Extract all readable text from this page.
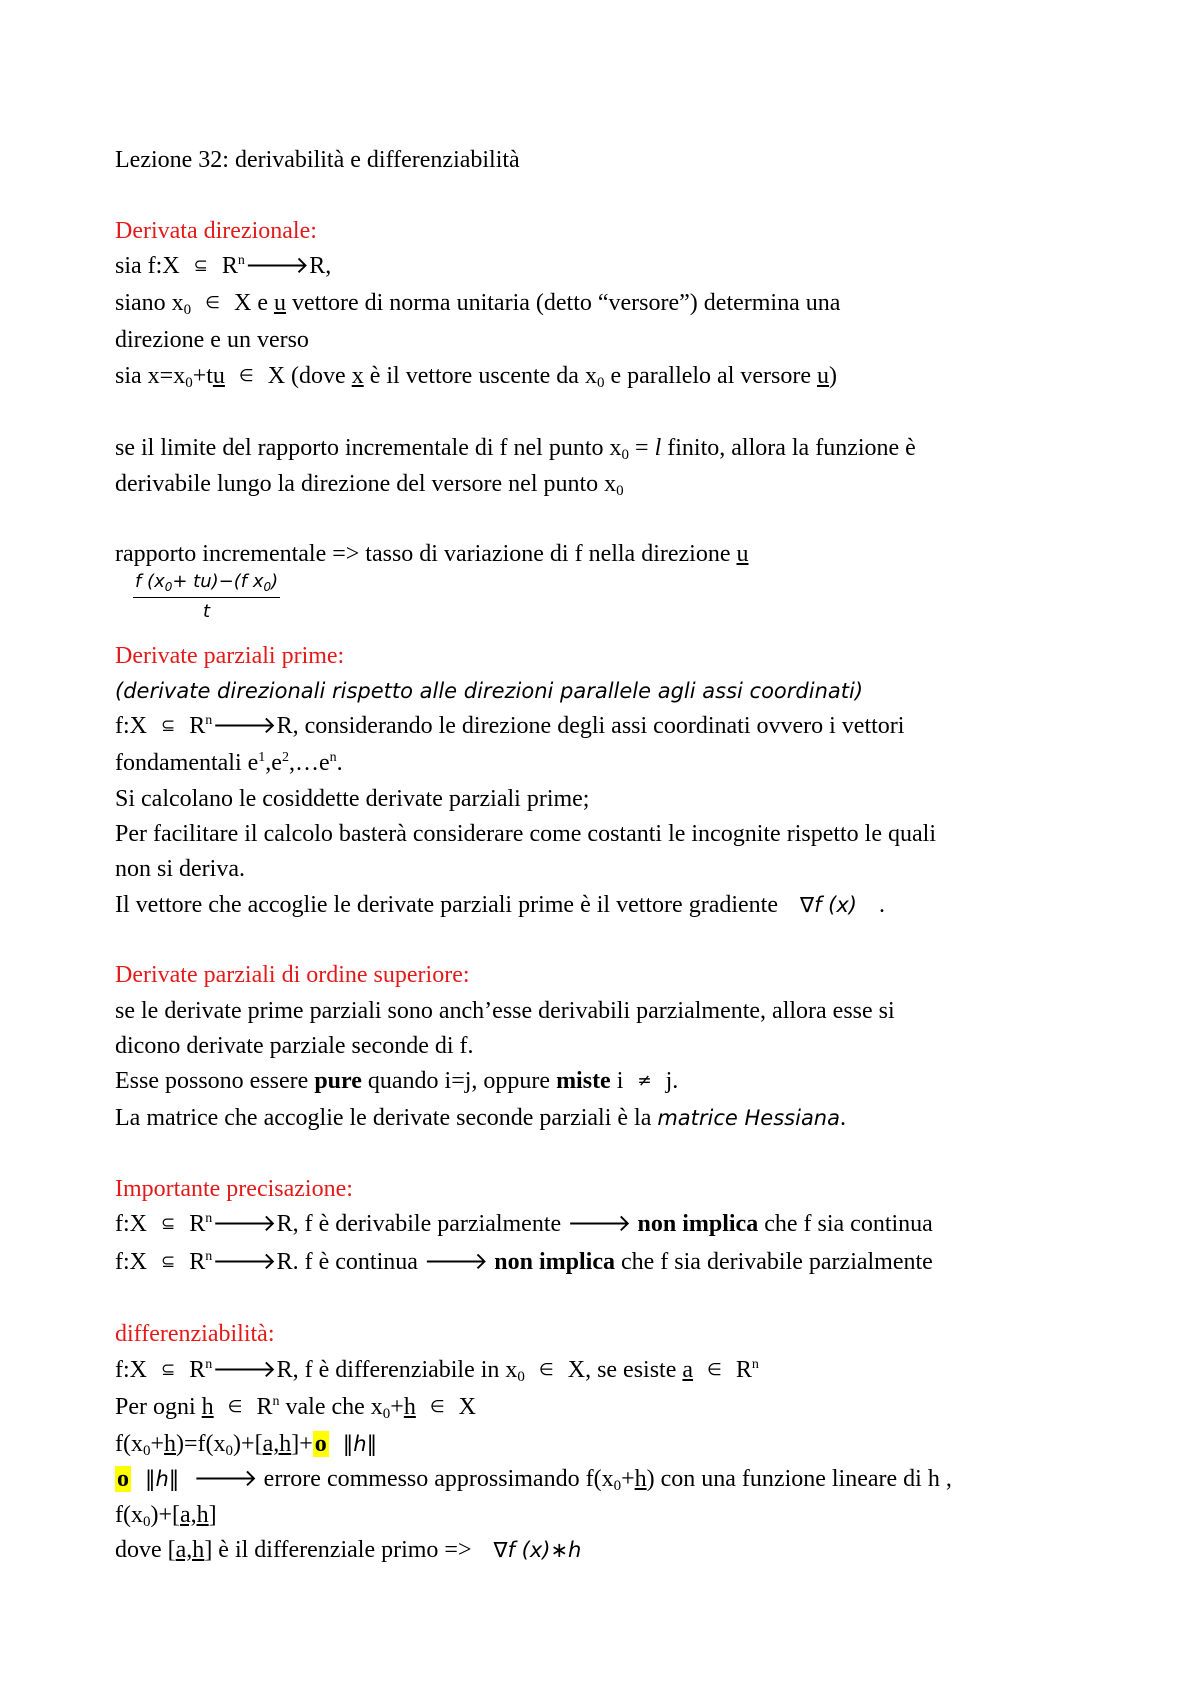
Lezione 32: derivabilità e differenziabilità
Derivata direzionale:
sia f:X ⊆ $R^n🡒R$,
siano $x_0$ ∈ X e u vettore di norma unitaria (detto “versore”) determina una
direzione e un verso
sia $x=x_0+tu$ ∈ X (dove x è il vettore uscente da $x_0$ e parallelo al versore u)
se il limite del rapporto incrementale di f nel punto $x_0 = l$ finito, allora la funzione è
derivabile lungo la direzione del versore nel punto $x_0$
rapporto incrementale => tasso di variazione di f nella direzione u
$\frac{f (x_0+ tu)-(f x_0)}{t}$
Derivate parziali prime:
(derivate direzionali rispetto alle direzioni parallele agli assi coordinati)
f:X ⊆ $R^n🡒R$, considerando le direzione degli assi coordinati ovvero i vettori
fondamentali $e^1,e^2,\dots e^n$.
Si calcolano le cosiddette derivate parziali prime;
Per facilitare il calcolo basterà considerare come costanti le incognite rispetto le quali
non si deriva.
Il vettore che accoglie le derivate parziali prime è il vettore gradiente ∇f (x) .
Derivate parziali di ordine superiore:
se le derivate prime parziali sono anch’esse derivabili parzialmente, allora esse si
dicono derivate parziale seconde di f.
Esse possono essere pure quando i=j, oppure miste i ≠ j.
La matrice che accoglie le derivate seconde parziali è la matrice Hessiana.
Importante precisazione:
f:X ⊆ $R^n🡒R$, f è derivabile parzialmente 🡒 non implica che f sia continua
f:X ⊆ $R^n🡒R$. f è continua 🡒 non implica che f sia derivabile parzialmente
differenziabilità:
f:X ⊆ $R^n🡒R$, f è differenziabile in $x_0$ ∈ X, se esiste a ∈ $R^n$
Per ogni h ∈ $R^n$ vale che $x_0+h$ ∈ X
$f(x_0+h)=f(x_0)+[a,h]+o$ ‖h‖
o ‖h‖ 🡒 errore commesso approssimando $f(x_0+h)$ con una funzione lineare di h ,
$f(x_0)+[a,h]$
dove [a,h] è il differenziale primo => ∇f (x)∗h
